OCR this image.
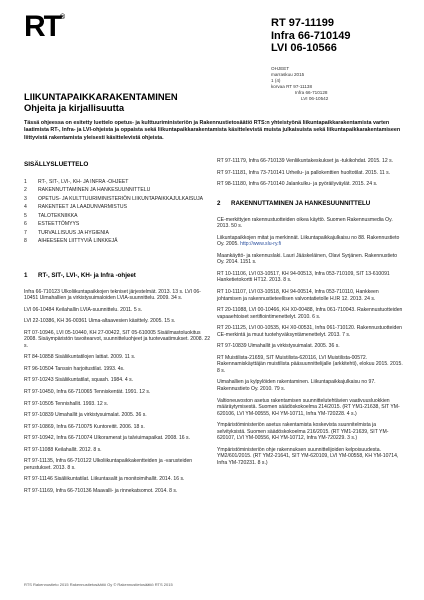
RT ®	RT 97-11199
Infra 66-710149
LVI 06-10566
OHJEET
marraskuu 2015
1 (4)
korvaa RT 97-11138
Infra 66-710128
LVI 06-10542
LIIKUNTAPAIKKARAKENTAMINEN
Ohjeita ja kirjallisuutta
Tässä ohjeessa on esitetty luettelo opetus- ja kulttuuriministeriön ja Rakennustietosäätiö RTS:n yhteistyönä liikuntapaikkarakentamista varten laatimista RT-, Infra- ja LVI-ohjeista ja oppaista sekä liikuntapaikkarakentamista käsittelevistä muista julkaisuista sekä liikuntapaikkarakentamiseen liittyvistä rakentamista yleisesti käsittelevistä ohjeista.
SISÄLLYSLUETTELO
1	RT-, SIT-, LVI-, KH- JA INFRA -OHJEET
2	RAKENNUTTAMINEN JA HANKESUUNNITTELU
3	OPETUS- JA KULTTUURIMINISTERIÖN LIIKUNTAPAIKKAJULKAISUJA
4	RAKENTEET JA LAADUNVARMISTUS
5	TALOTEKNIIKKA
6	ESTEETTÖMYYS
7	TURVALLISUUS JA HYGIENIA
8	AIHEESEEN LIITTYVIÄ LINKKEJÄ
1	RT-, SIT-, LVI-, KH- ja Infra -ohjeet

Infra 66-710123 Ulkoliikuntapaikkojen tekniset järjestelmät. 2013. 13 s. LVI 06-10451 Uimahallien ja virkistysuimaloiden LVIA-suunnittelu. 2009. 34 s.

LVI 06-10484 Keilahallin LVIA-suunnittelu. 2011. 5 s.

LVI 22-10386, KH 36-00361 Uima-altaavesien käsittely. 2005. 15 s.

RT 07-10946, LVI 05-10440, KH 27-00422, SIT 05-610005 Sisäilmastoluokitus 2008. Sisäympäristön tavoitearvot, suunnitteluohjeet ja tuotevaatimukset. 2008. 22 s.

RT 84-10858 Sisäliikuntatilojen lattiat. 2009. 11 s.

RT 96-10504 Tanssin harjoitustilat. 1993. 4s.

RT 97-10243 Sisäliikuntatilat, squash. 1984. 4 s.

RT 97-10450, Infra 66-710065 Tenniskentät. 1991. 12 s.

RT 97-10505 Tennishallit. 1993. 12 s.

RT 97-10839 Uimahallit ja virkistysuimalat. 2005. 36 s.

RT 97-10869, Infra 66-710075 Kuntoreitit. 2006. 18 s.

RT 97-10942, Infra 66-710074 Ulkoramerat ja talviuimapaikat. 2008. 16 s.

RT 97-11088 Keilahallit. 2012. 8 s.

RT 97-11135, Infra 66-710122 Ulkoliikuntapaikkakentteiden ja -varusteiden perustukset. 2013. 8 s.

RT 97-11146 Sisäliikuntatilat. Liikuntasalit ja monitoimihallit. 2014. 16 s.

RT 97-11169, Infra 66-710136 Maavalli- ja rinnekatsomot. 2014. 8 s.

RT 97-11179, Infra 66-710139 Venliikuntakeskukset ja -tukikohdat. 2015. 12 s.

RT 97-11181, Infra 73-710141 Urheilu- ja pallokenttien huoltotilat. 2015. 11 s.

RT 98-11180, Infra 66-710140 Jalankulku- ja pyöräilyväylät. 2015. 24 s.

2	RAKENNUTTAMINEN JA HANKESUUNNITTELU

CE-merkittyjen rakennustuotteiden oikea käyttö. Suomen Rakennusmedia Oy. 2013. 50 s.

Liikuntapaikkojen mitat ja merkinnät. Liikuntapaikkajulkaisu no 88. Rakennustieto Oy. 2005. http://www.slu-ry.fi

Maankäyttö- ja rakennuslaki. Lauri Jääskeläinen, Olavi Syrjänen. Rakennustieto Oy. 2014. 1151 s.

RT 10-11106, LVI 03-10517, KH 94-00513, Infra 053-710109, SIT 13-610091 Hanketietokortti HT12. 2013. 8 s.

RT 10-11107, LVI 03-10518, KH 94-00514, Infra 053-710110, Hankkeen johtamisen ja rakennustieteellisen valvontatietolle H.IR 12. 2013. 24 s.

RT 20-11088, LVI 00-10466, KH X0-00488, Infra 061-710043. Rakennustuotteiden vapaaehtoiset sertifiointimenettelyt. 2010. 6 s.

RT 20-11125, LVI 00-10535, KH X0-00531, Infra 061-710120. Rakennustuotteiden CE-merkintä ja muut tuotehyväksyntämenettelyt. 2013. 7 s.

RT 97-10839 Uimahallit ja virkistysuimalat. 2005. 36 s.

RT Muistilista-21659, SIT Muistilista-620116, LVI Muistilista-00572. Rakennamiskäyttäjän muistilista pääsuunnittelijalle (arkkitehti), elokuu 2015. 2015. 8 s.

Uimahallien ja kylpylöiden rakentaminen. Liikuntapaikkajulkaisu no 97. Rakennustieto Oy. 2010. 79 s.

Valtioneuvoston asetus rakentamisen suunnittelutehtävien vaativuusluokkien määräytymisestä. Suomen säädöskokoelma 214/2015. (RT YM1-21638, SIT YM-620106, LVI YM-00555, KH YM-10711, Infra YM-720228. 4 s.)

Ympäristöministeriön asetus rakentamista koskevista suunnitelmista ja selvityksistä. Suomen säädöskokoelma 216/2015. (RT YM1-21639, SIT YM-620107, LVI YM-00556, KH YM-10712, Infra YM-720229. 3 s.)

Ympäristöministeriön ohje rakennuksen suunnittelijoiden kelpoisuudesta. YM2/601/2015. (RT YM2-21641, SIT YM-620109, LVI YM-00558, KH YM-10714, Infra YM-720231. 8 s.)

RTS Rakennustieto 2015 Rakennustietosäätiö Oy © Rakennustietosäätiö RTS 2015
